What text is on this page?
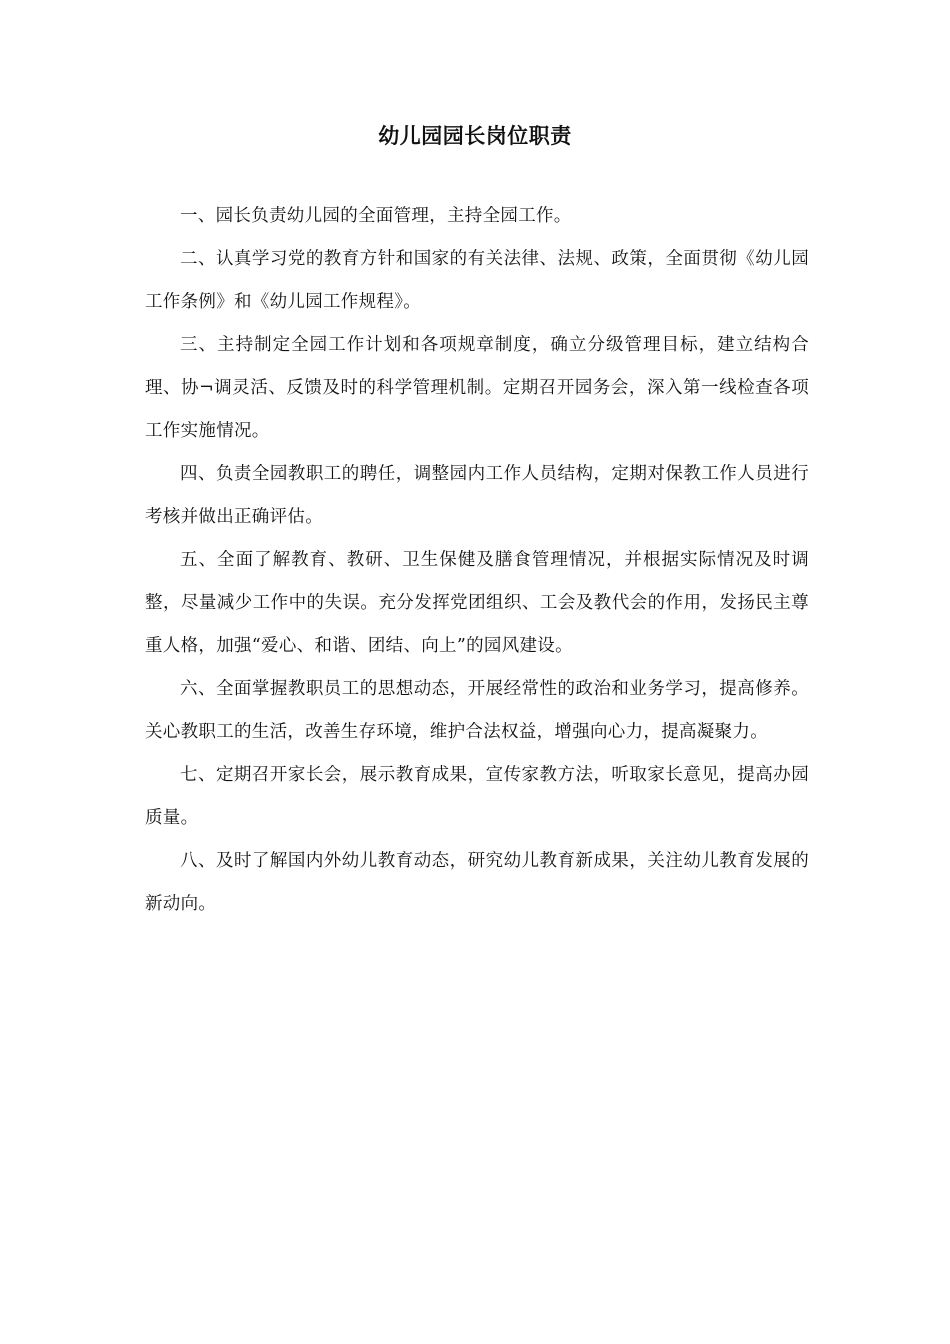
幼儿园园长岗位职责

一、园长负责幼儿园的全面管理，主持全园工作。

二、认真学习党的教育方针和国家的有关法律、法规、政策，全面贯彻《幼儿园工作条例》和《幼儿园工作规程》。

三、主持制定全园工作计划和各项规章制度，确立分级管理目标，建立结构合理、协¬调灵活、反馈及时的科学管理机制。定期召开园务会，深入第一线检查各项工作实施情况。

四、负责全园教职工的聘任，调整园内工作人员结构，定期对保教工作人员进行考核并做出正确评估。

五、全面了解教育、教研、卫生保健及膳食管理情况，并根据实际情况及时调整，尽量减少工作中的失误。充分发挥党团组织、工会及教代会的作用，发扬民主尊重人格，加强“爱心、和谐、团结、向上”的园风建设。

六、全面掌握教职员工的思想动态，开展经常性的政治和业务学习，提高修养。关心教职工的生活，改善生存环境，维护合法权益，增强向心力，提高凝聚力。

七、定期召开家长会，展示教育成果，宣传家教方法，听取家长意见，提高办园质量。

八、及时了解国内外幼儿教育动态，研究幼儿教育新成果，关注幼儿教育发展的新动向。
